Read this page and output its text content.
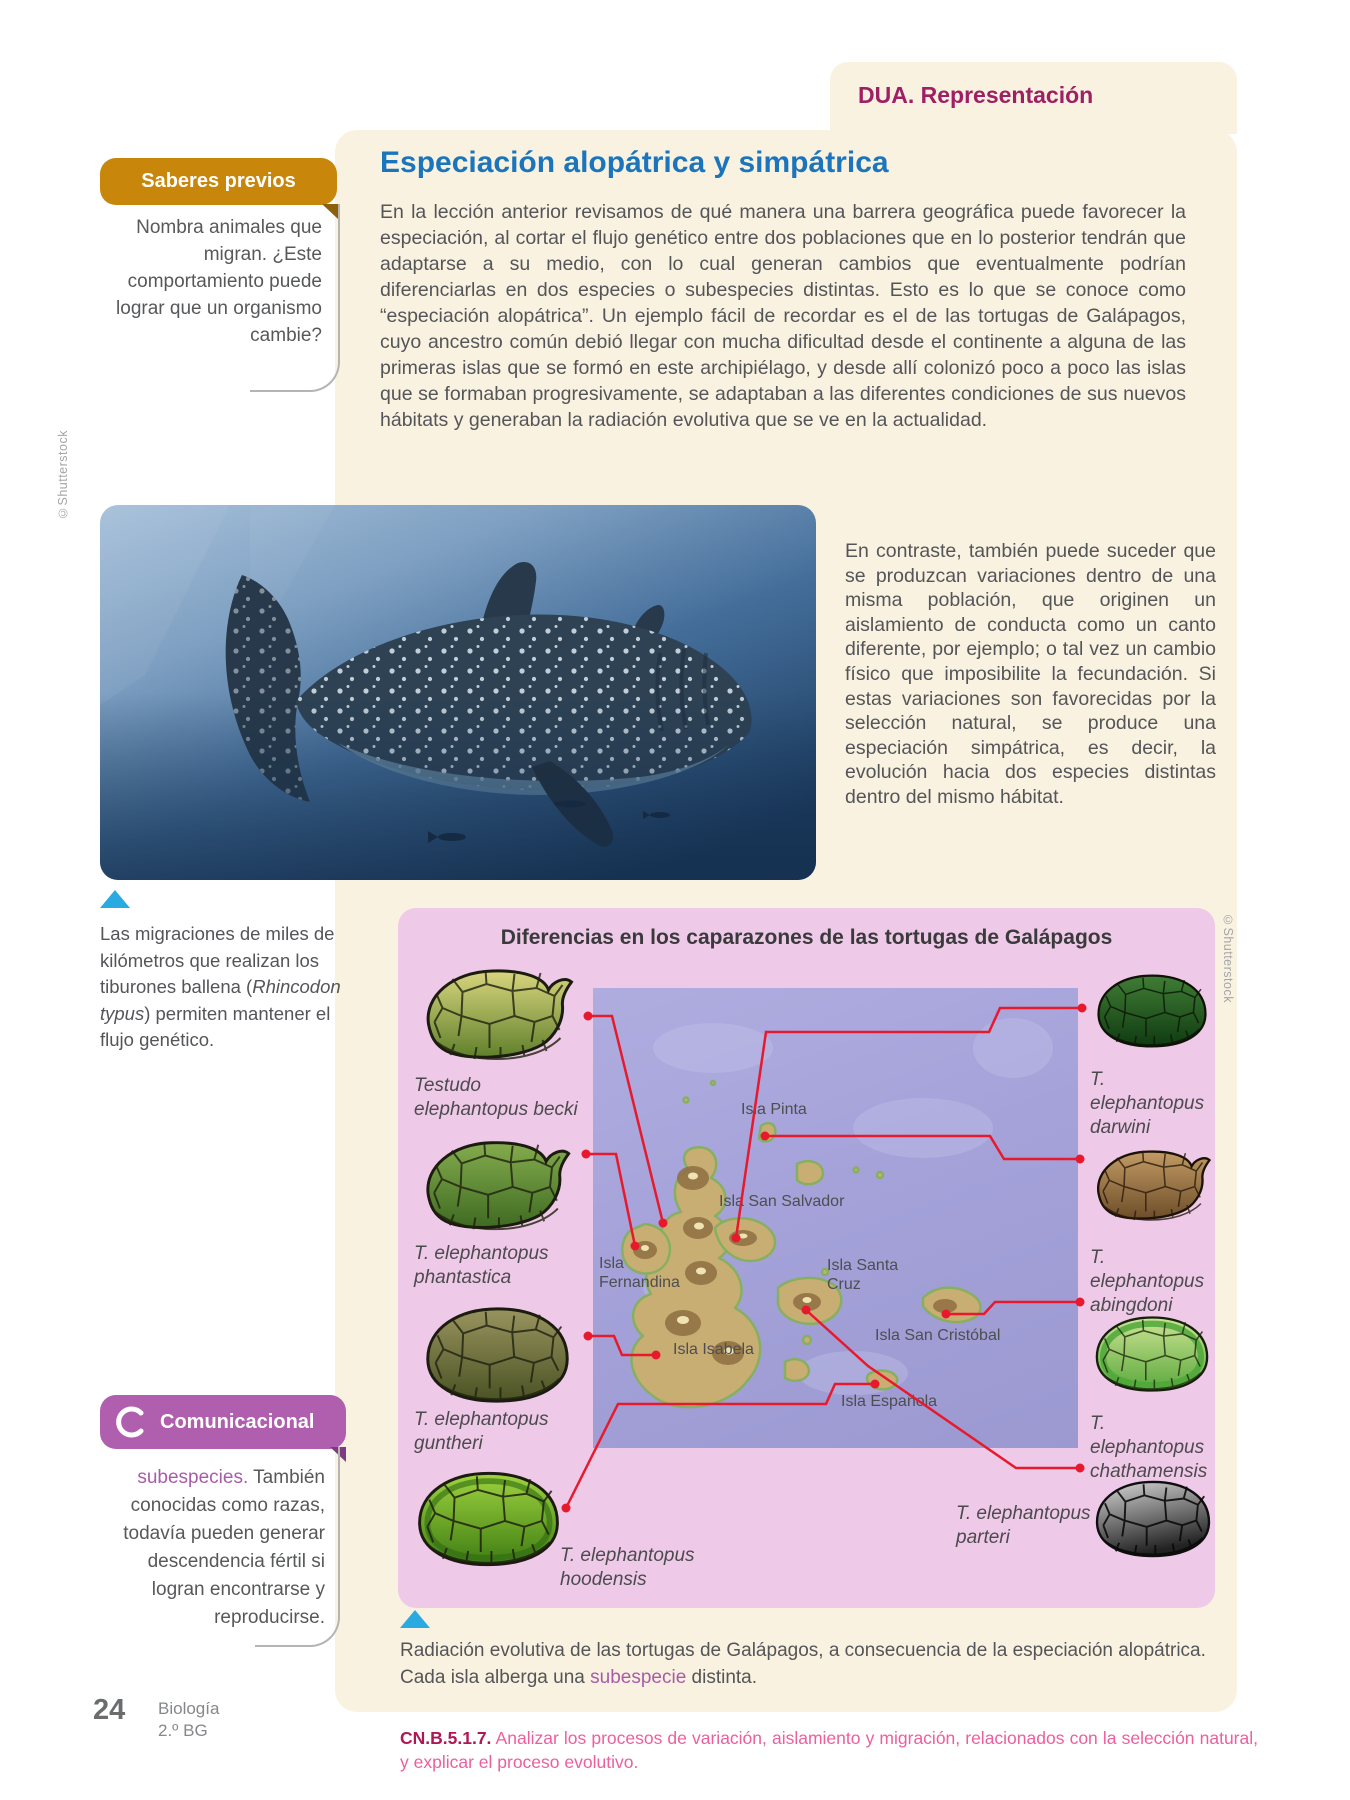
DUA. Representación
Saberes previos
Nombra animales que migran. ¿Este comportamiento puede lograr que un organismo cambie?
Especiación alopátrica y simpátrica
En la lección anterior revisamos de qué manera una barrera geográfica puede favorecer la especiación, al cortar el flujo genético entre dos poblaciones que en lo posterior tendrán que adaptarse a su medio, con lo cual generan cambios que eventualmente podrían diferenciarlas en dos especies o subespecies distintas. Esto es lo que se conoce como “especiación alopátrica”. Un ejemplo fácil de recordar es el de las tortugas de Galápagos, cuyo ancestro común debió llegar con mucha dificultad desde el continente a alguna de las primeras islas que se formó en este archipiélago, y desde allí colonizó poco a poco las islas que se formaban progresivamente, se adaptaban a las diferentes condiciones de sus nuevos hábitats y generaban la radiación evolutiva que se ve en la actualidad.
En contraste, también puede suceder que se produzcan variaciones dentro de una misma población, que originen un aislamiento de conducta como un canto diferente, por ejemplo; o tal vez un cambio físico que imposibilite la fecundación. Si estas variaciones son favorecidas por la selección natural, se produce una especiación simpátrica, es decir, la evolución hacia dos especies distintas dentro del mismo hábitat.
©Shutterstock
Las migraciones de miles de kilómetros que realizan los tiburones ballena (Rhincodon typus) permiten mantener el flujo genético.
©Shutterstock
Diferencias en los caparazones de las tortugas de Galápagos
Isla Pinta
Isla San Salvador
Isla
Fernandina
Isla Santa
Cruz
Isla Isabela
Isla San Cristóbal
Isla Española
Testudo
elephantopus becki
T. elephantopus
phantastica
T. elephantopus
guntheri
T. elephantopus
hoodensis
T. elephantopus
darwini
T. elephantopus
abingdoni
T. elephantopus
chathamensis
T. elephantopus
parteri
Radiación evolutiva de las tortugas de Galápagos, a consecuencia de la especiación alopátrica. Cada isla alberga una subespecie distinta.
Comunicacional
subespecies. También conocidas como razas, todavía pueden generar descendencia fértil si logran encontrarse y reproducirse.
CN.B.5.1.7. Analizar los procesos de variación, aislamiento y migración, relacionados con la selección natural, y explicar el proceso evolutivo.
24 Biología
2.º BG
